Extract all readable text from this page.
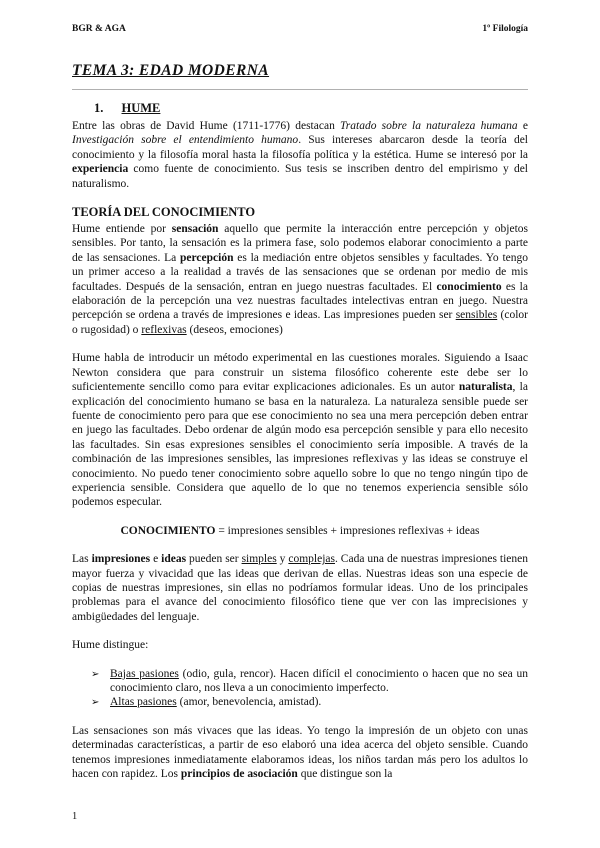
BGR & AGA	1º Filología
TEMA 3: EDAD MODERNA
1. HUME

Entre las obras de David Hume (1711-1776) destacan Tratado sobre la naturaleza humana e Investigación sobre el entendimiento humano. Sus intereses abarcaron desde la teoría del conocimiento y la filosofía moral hasta la filosofía política y la estética. Hume se interesó por la experiencia como fuente de conocimiento. Sus tesis se inscriben dentro del empirismo y del naturalismo.

TEORÍA DEL CONOCIMIENTO

Hume entiende por sensación aquello que permite la interacción entre percepción y objetos sensibles. Por tanto, la sensación es la primera fase, solo podemos elaborar conocimiento a parte de las sensaciones. La percepción es la mediación entre objetos sensibles y facultades. Yo tengo un primer acceso a la realidad a través de las sensaciones que se ordenan por medio de mis facultades. Después de la sensación, entran en juego nuestras facultades. El conocimiento es la elaboración de la percepción una vez nuestras facultades intelectivas entran en juego. Nuestra percepción se ordena a través de impresiones e ideas. Las impresiones pueden ser sensibles (color o rugosidad) o reflexivas (deseos, emociones)

Hume habla de introducir un método experimental en las cuestiones morales. Siguiendo a Isaac Newton considera que para construir un sistema filosófico coherente este debe ser lo suficientemente sencillo como para evitar explicaciones adicionales. Es un autor naturalista, la explicación del conocimiento humano se basa en la naturaleza. La naturaleza sensible puede ser fuente de conocimiento pero para que ese conocimiento no sea una mera percepción deben entrar en juego las facultades. Debo ordenar de algún modo esa percepción sensible y para ello necesito las facultades. Sin esas expresiones sensibles el conocimiento sería imposible. A través de la combinación de las impresiones sensibles, las impresiones reflexivas y las ideas se construye el conocimiento. No puedo tener conocimiento sobre aquello sobre lo que no tengo ningún tipo de experiencia sensible. Considera que aquello de lo que no tenemos experiencia sensible sólo podemos especular.

CONOCIMIENTO = impresiones sensibles + impresiones reflexivas + ideas

Las impresiones e ideas pueden ser simples y complejas. Cada una de nuestras impresiones tienen mayor fuerza y vivacidad que las ideas que derivan de ellas. Nuestras ideas son una especie de copias de nuestras impresiones, sin ellas no podríamos formular ideas. Uno de los principales problemas para el avance del conocimiento filosófico tiene que ver con las imprecisiones y ambigüedades del lenguaje.

Hume distingue:

➢ Bajas pasiones (odio, gula, rencor). Hacen difícil el conocimiento o hacen que no sea un conocimiento claro, nos lleva a un conocimiento imperfecto.
➢ Altas pasiones (amor, benevolencia, amistad).

Las sensaciones son más vivaces que las ideas. Yo tengo la impresión de un objeto con unas determinadas características, a partir de eso elaboró una idea acerca del objeto sensible. Cuando tenemos impresiones inmediatamente elaboramos ideas, los niños tardan más pero los adultos lo hacen con rapidez. Los principios de asociación que distingue son la

1
